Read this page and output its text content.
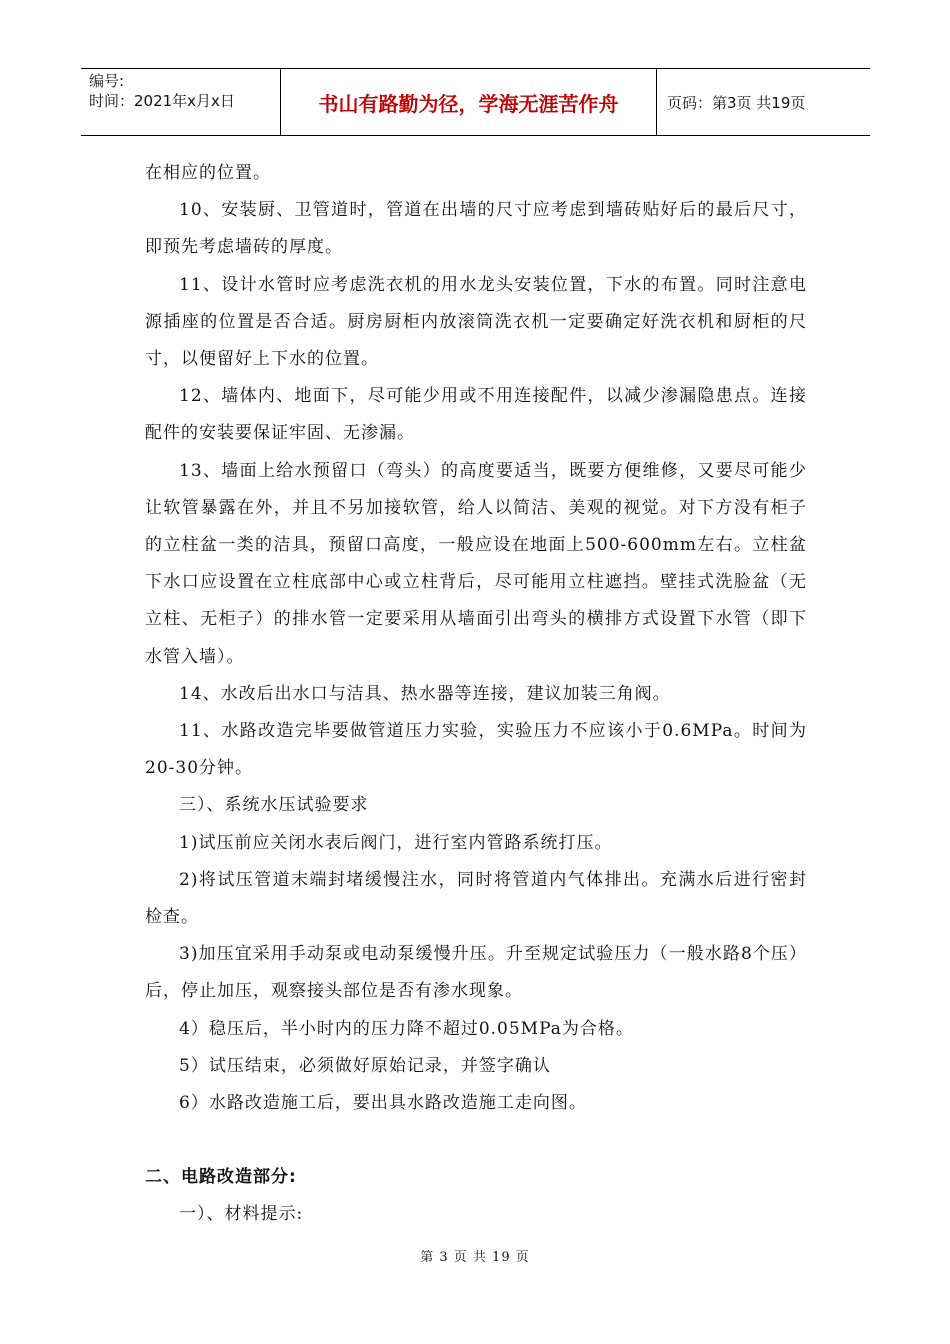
编号:
时间：2021年x月x日	书山有路勤为径，学海无涯苦作舟	页码：第3页 共19页

在相应的位置。

10、安装厨、卫管道时，管道在出墙的尺寸应考虑到墙砖贴好后的最后尺寸，即预先考虑墙砖的厚度。

11、设计水管时应考虑洗衣机的用水龙头安装位置，下水的布置。同时注意电源插座的位置是否合适。厨房厨柜内放滚筒洗衣机一定要确定好洗衣机和厨柜的尺寸，以便留好上下水的位置。

12、墙体内、地面下，尽可能少用或不用连接配件，以减少渗漏隐患点。连接配件的安装要保证牢固、无渗漏。

13、墙面上给水预留口（弯头）的高度要适当，既要方便维修，又要尽可能少让软管暴露在外，并且不另加接软管，给人以简洁、美观的视觉。对下方没有柜子的立柱盆一类的洁具，预留口高度，一般应设在地面上500-600mm左右。立柱盆下水口应设置在立柱底部中心或立柱背后，尽可能用立柱遮挡。壁挂式洗脸盆（无立柱、无柜子）的排水管一定要采用从墙面引出弯头的横排方式设置下水管（即下水管入墙）。

14、水改后出水口与洁具、热水器等连接，建议加装三角阀。

11、水路改造完毕要做管道压力实验，实验压力不应该小于0.6MPa。时间为20-30分钟。

三）、系统水压试验要求

1)试压前应关闭水表后阀门，进行室内管路系统打压。

2)将试压管道末端封堵缓慢注水，同时将管道内气体排出。充满水后进行密封检查。

3)加压宜采用手动泵或电动泵缓慢升压。升至规定试验压力（一般水路8个压）后，停止加压，观察接头部位是否有渗水现象。

4）稳压后，半小时内的压力降不超过0.05MPa为合格。

5）试压结束，必须做好原始记录，并签字确认

6）水路改造施工后，要出具水路改造施工走向图。

二、电路改造部分:

一）、材料提示:

第 3 页 共 19 页
